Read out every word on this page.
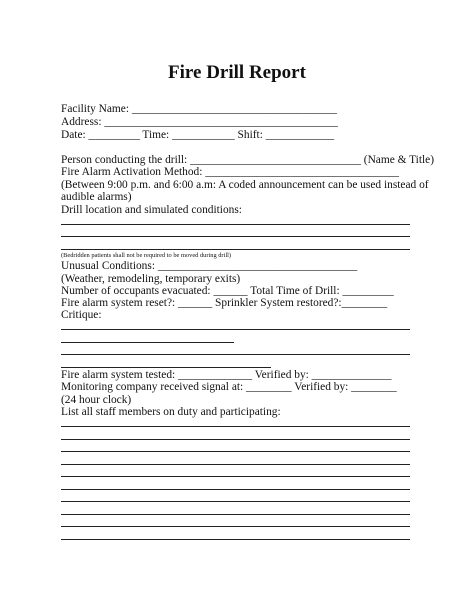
Fire Drill Report
Facility Name: ____________________________________
Address: _________________________________________
Date: _________ Time: ___________ Shift: ____________
Person conducting the drill: ______________________________ (Name & Title)
Fire Alarm Activation Method: __________________________________
(Between 9:00 p.m. and 6:00 a.m: A coded announcement can be used instead of
audible alarms)
Drill location and simulated conditions:
(Bedridden patients shall not be required to be moved during drill)
Unusual Conditions: ___________________________________
(Weather, remodeling, temporary exits)
Number of occupants evacuated: ______ Total Time of Drill: _________
Fire alarm system reset?: ______ Sprinkler System restored?:________
Critique:
Fire alarm system tested: _____________ Verified by: ______________
Monitoring company received signal at: ________ Verified by: ________
(24 hour clock)
List all staff members on duty and participating:
